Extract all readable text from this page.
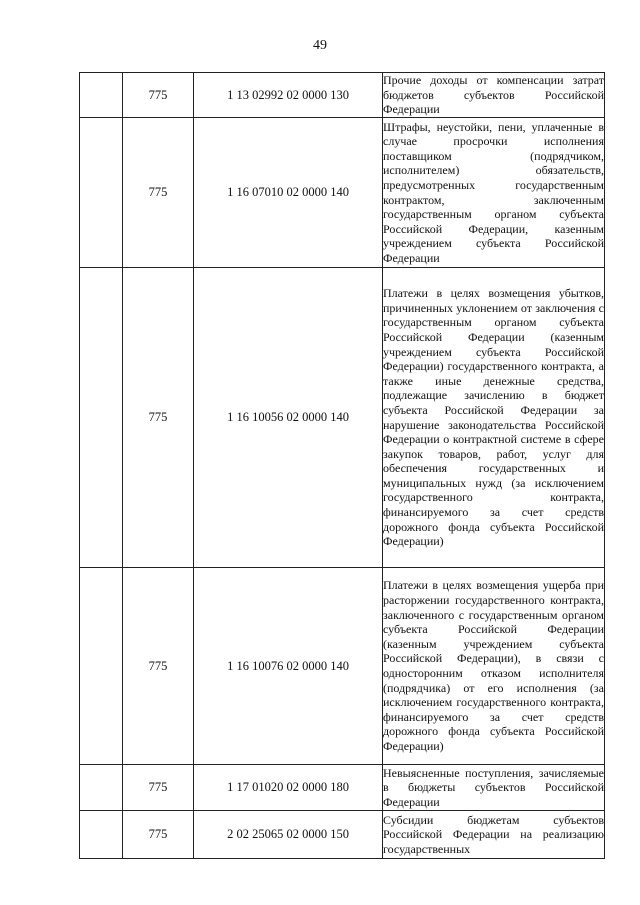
49
	775	1 13 02992 02 0000 130	Прочие доходы от компенсации затрат бюджетов субъектов Российской Федерации

	775	1 16 07010 02 0000 140	Штрафы, неустойки, пени, уплаченные в случае просрочки исполнения поставщиком (подрядчиком, исполнителем) обязательств, предусмотренных государственным контрактом, заключенным государственным органом субъекта Российской Федерации, казенным учреждением субъекта Российской Федерации

	775	1 16 10056 02 0000 140	Платежи в целях возмещения убытков, причиненных уклонением от заключения с государственным органом субъекта Российской Федерации (казенным учреждением субъекта Российской Федерации) государственного контракта, а также иные денежные средства, подлежащие зачислению в бюджет субъекта Российской Федерации за нарушение законодательства Российской Федерации о контрактной системе в сфере закупок товаров, работ, услуг для обеспечения государственных и муниципальных нужд (за исключением государственного контракта, финансируемого за счет средств дорожного фонда субъекта Российской Федерации)

	775	1 16 10076 02 0000 140	Платежи в целях возмещения ущерба при расторжении государственного контракта, заключенного с государственным органом субъекта Российской Федерации (казенным учреждением субъекта Российской Федерации), в связи с односторонним отказом исполнителя (подрядчика) от его исполнения (за исключением государственного контракта, финансируемого за счет средств дорожного фонда субъекта Российской Федерации)

	775	1 17 01020 02 0000 180	Невыясненные поступления, зачисляемые в бюджеты субъектов Российской Федерации

	775	2 02 25065 02 0000 150	Субсидии бюджетам субъектов Российской Федерации на реализацию государственных
